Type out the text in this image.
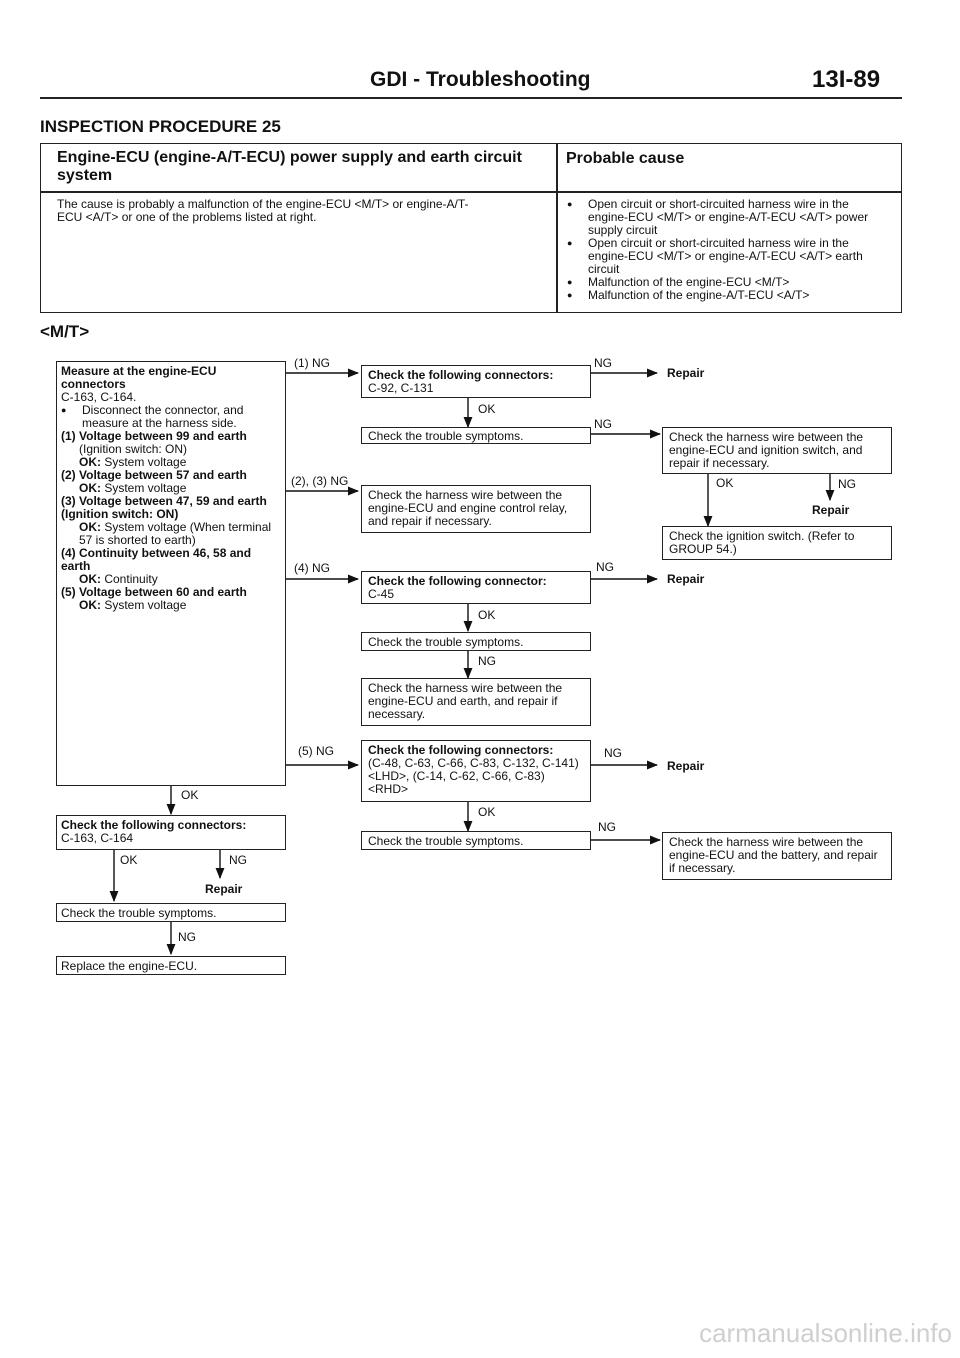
GDI - Troubleshooting	13I-89
INSPECTION PROCEDURE 25
Engine-ECU (engine-A/T-ECU) power supply and earth circuit system
Probable cause
The cause is probably a malfunction of the engine-ECU <M/T> or engine-A/T-ECU <A/T> or one of the problems listed at right.
● Open circuit or short-circuited harness wire in the engine-ECU <M/T> or engine-A/T-ECU <A/T> power supply circuit
● Open circuit or short-circuited harness wire in the engine-ECU <M/T> or engine-A/T-ECU <A/T> earth circuit
● Malfunction of the engine-ECU <M/T>
● Malfunction of the engine-A/T-ECU <A/T>
<M/T>
Measure at the engine-ECU connectors
C-163, C-164.
● Disconnect the connector, and measure at the harness side.
(1) Voltage between 99 and earth
(Ignition switch: ON)
OK: System voltage
(2) Voltage between 57 and earth
OK: System voltage
(3) Voltage between 47, 59 and earth (Ignition switch: ON)
OK: System voltage (When terminal 57 is shorted to earth)
(4) Continuity between 46, 58 and earth
OK: Continuity
(5) Voltage between 60 and earth
OK: System voltage
(1) NG
(2), (3) NG
(4) NG
(5) NG
Check the following connectors:
C-92, C-131
OK
Check the trouble symptoms.
Check the harness wire between the engine-ECU and engine control relay, and repair if necessary.
Check the following connector:
C-45
OK
Check the trouble symptoms.
NG
Check the harness wire between the engine-ECU and earth, and repair if necessary.
Check the following connectors:
(C-48, C-63, C-66, C-83, C-132, C-141) <LHD>, (C-14, C-62, C-66, C-83) <RHD>
OK
Check the trouble symptoms.
NG
Repair
NG
Check the harness wire between the engine-ECU and ignition switch, and repair if necessary.
OK	NG
Repair
Check the ignition switch. (Refer to GROUP 54.)
NG
Repair
NG
Repair
NG
Check the harness wire between the engine-ECU and the battery, and repair if necessary.
OK
Check the following connectors:
C-163, C-164
OK	NG
Repair
Check the trouble symptoms.
NG
Replace the engine-ECU.
carmanualsonline.info
